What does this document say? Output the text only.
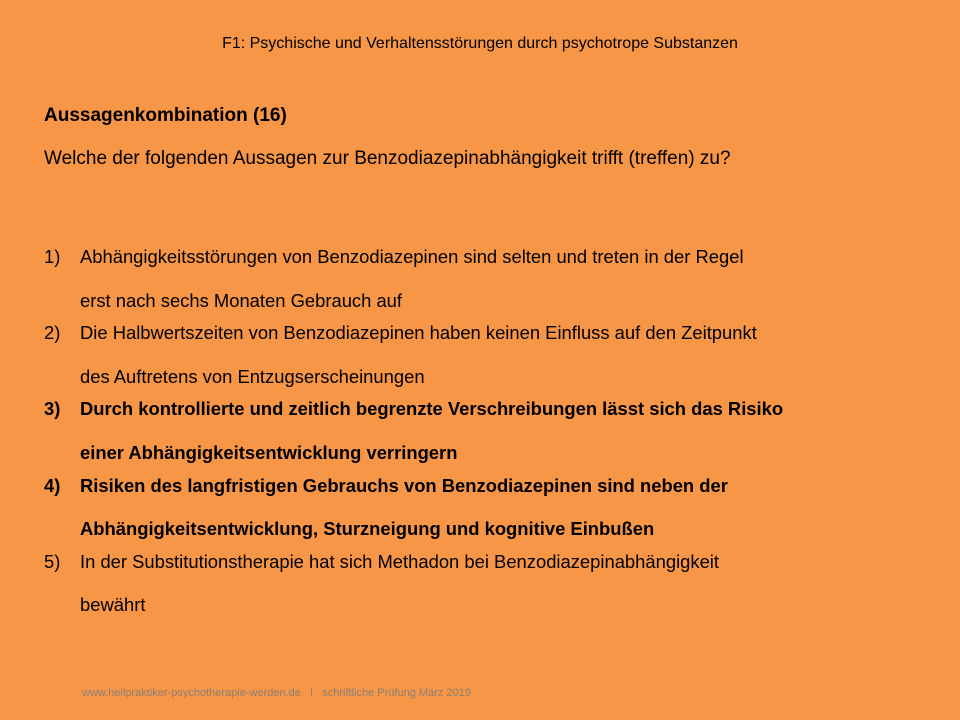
F1: Psychische und Verhaltensstörungen durch psychotrope Substanzen
Aussagenkombination (16)
Welche der folgenden Aussagen zur Benzodiazepinabhängigkeit trifft (treffen) zu?
1) Abhängigkeitsstörungen von Benzodiazepinen sind selten und treten in der Regel
erst nach sechs Monaten Gebrauch auf
2) Die Halbwertszeiten von Benzodiazepinen haben keinen Einfluss auf den Zeitpunkt
des Auftretens von Entzugserscheinungen
3) Durch kontrollierte und zeitlich begrenzte Verschreibungen lässt sich das Risiko
einer Abhängigkeitsentwicklung verringern
4) Risiken des langfristigen Gebrauchs von Benzodiazepinen sind neben der
Abhängigkeitsentwicklung, Sturzneigung und kognitive Einbußen
5) In der Substitutionstherapie hat sich Methadon bei Benzodiazepinabhängigkeit
bewährt
www.heilpraktiker-psychotherapie-werden.de   I   schriftliche Prüfung März 2019
